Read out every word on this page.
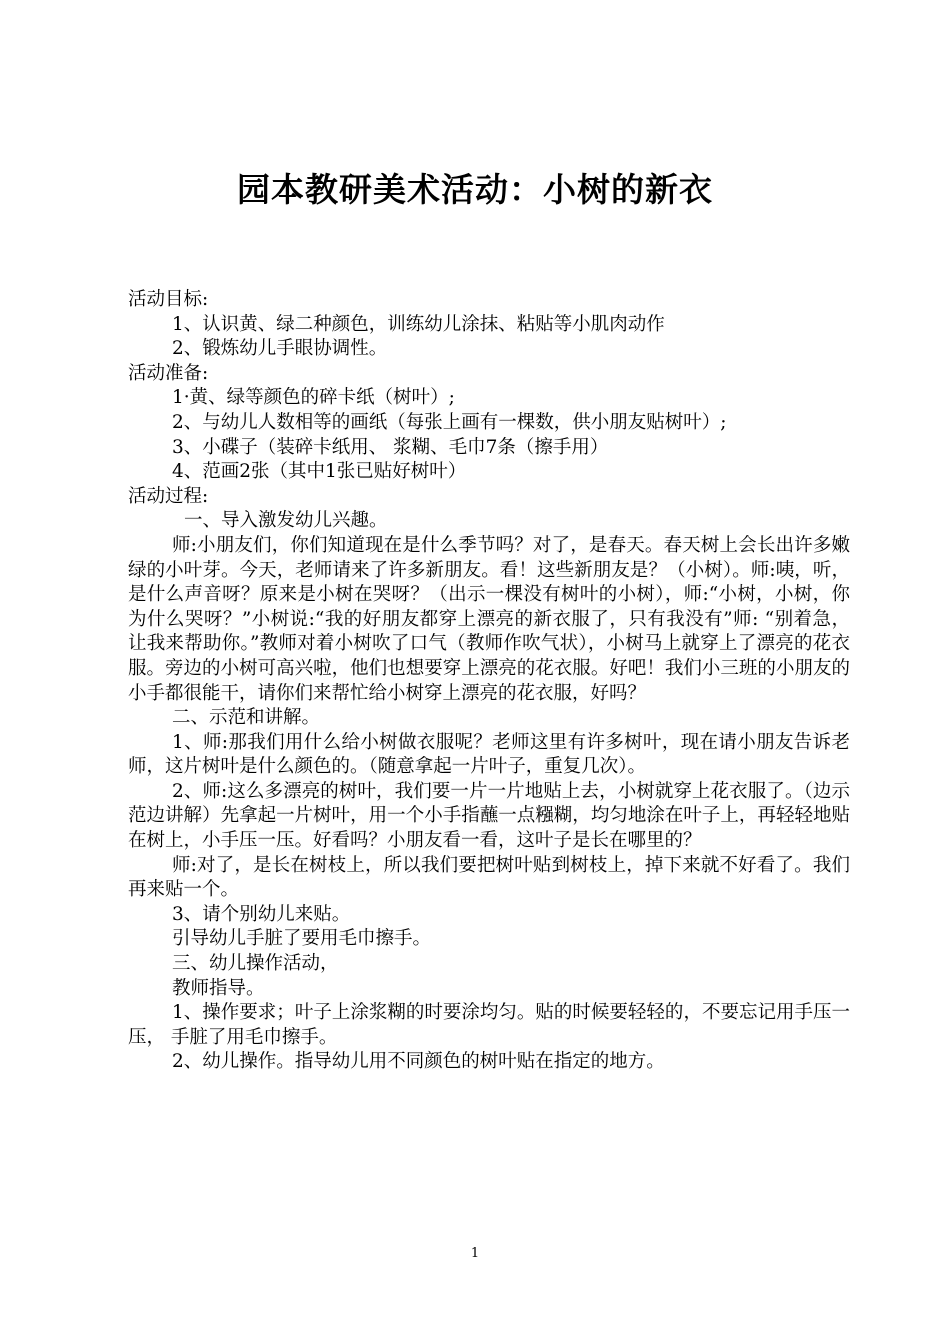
园本教研美术活动：小树的新衣

活动目标:

1、认识黄、绿二种颜色，训练幼儿涂抹、粘贴等小肌肉动作

2、锻炼幼儿手眼协调性。

活动准备:

1·黄、绿等颜色的碎卡纸（树叶）;

2、与幼儿人数相等的画纸（每张上画有一棵数，供小朋友贴树叶）;

3、小碟子（装碎卡纸用、 浆糊、毛巾7条（擦手用）

4、范画2张（其中1张已贴好树叶）

活动过程:

一、导入激发幼儿兴趣。

师:小朋友们，你们知道现在是什么季节吗？对了，是春天。春天树上会长出许多嫩绿的小叶芽。今天，老师请来了许多新朋友。看！这些新朋友是？（小树）。师:咦，听，是什么声音呀？原来是小树在哭呀？（出示一棵没有树叶的小树），师:“小树，小树，你为什么哭呀？”小树说:“我的好朋友都穿上漂亮的新衣服了，只有我没有”师: “别着急，让我来帮助你。”教师对着小树吹了口气（教师作吹气状），小树马上就穿上了漂亮的花衣服。旁边的小树可高兴啦，他们也想要穿上漂亮的花衣服。好吧！我们小三班的小朋友的小手都很能干，请你们来帮忙给小树穿上漂亮的花衣服，好吗？

二、示范和讲解。

1、师:那我们用什么给小树做衣服呢？老师这里有许多树叶，现在请小朋友告诉老师，这片树叶是什么颜色的。（随意拿起一片叶子，重复几次）。

2、师:这么多漂亮的树叶，我们要一片一片地贴上去，小树就穿上花衣服了。（边示范边讲解）先拿起一片树叶，用一个小手指蘸一点糨糊，均匀地涂在叶子上，再轻轻地贴在树上，小手压一压。好看吗？小朋友看一看，这叶子是长在哪里的？

师:对了，是长在树枝上，所以我们要把树叶贴到树枝上，掉下来就不好看了。我们再来贴一个。

3、请个别幼儿来贴。

引导幼儿手脏了要用毛巾擦手。

三、幼儿操作活动，

教师指导。

1、操作要求；叶子上涂浆糊的时要涂均匀。贴的时候要轻轻的，不要忘记用手压一压， 手脏了用毛巾擦手。

2、幼儿操作。指导幼儿用不同颜色的树叶贴在指定的地方。

1
